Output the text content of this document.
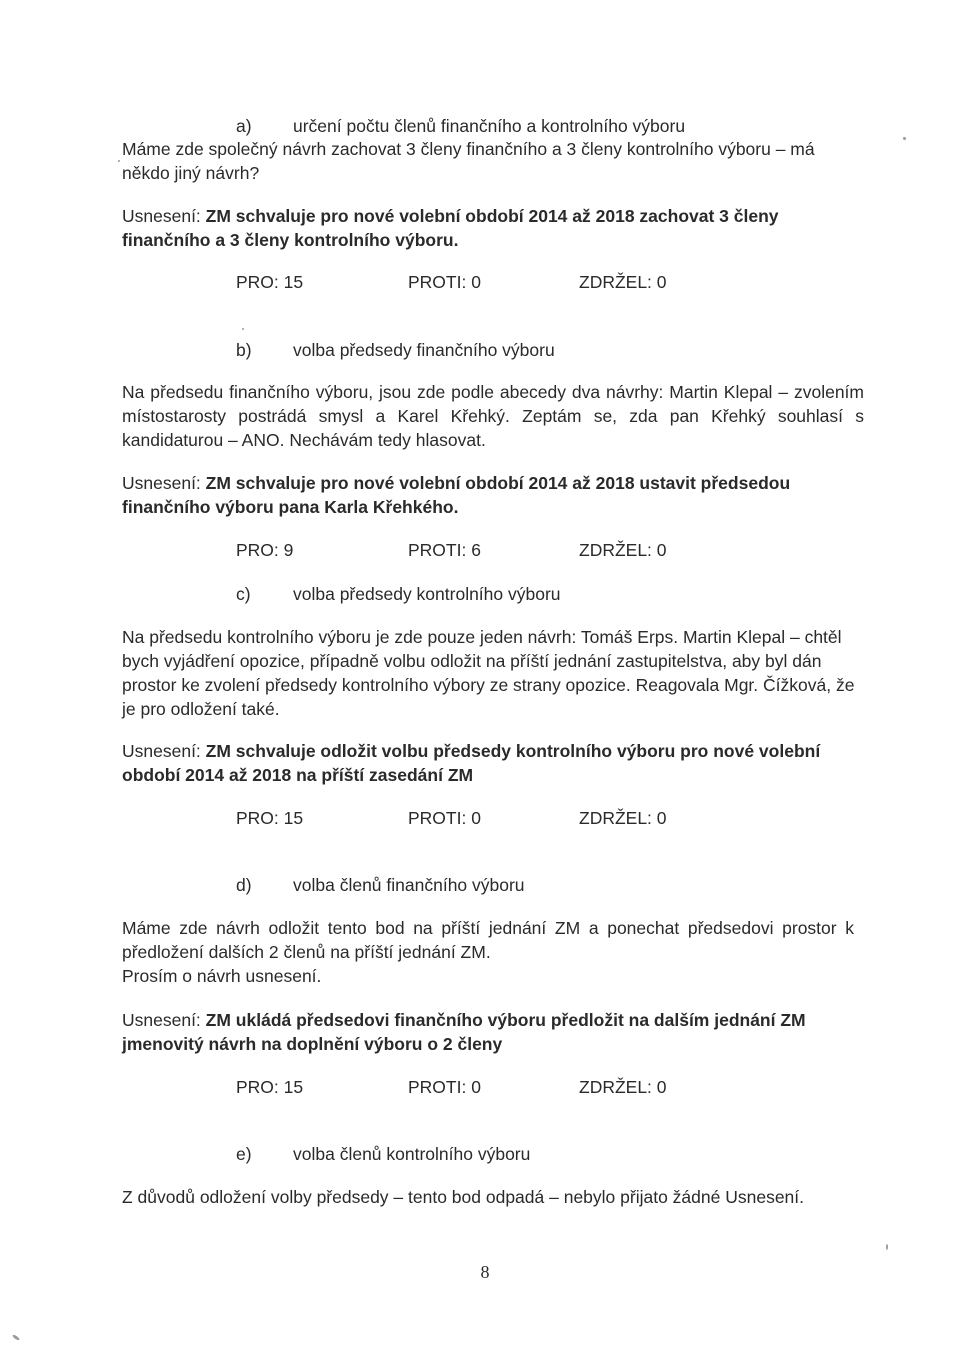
a) určení počtu členů finančního a kontrolního výboru
Máme zde společný návrh zachovat 3 členy finančního a 3 členy kontrolního výboru – má někdo jiný návrh?
Usnesení: ZM schvaluje pro nové volební období 2014 až 2018 zachovat 3 členy finančního a 3 členy kontrolního výboru.
PRO: 15	PROTI: 0	ZDRŽEL: 0
b) volba předsedy finančního výboru
Na předsedu finančního výboru, jsou zde podle abecedy dva návrhy: Martin Klepal – zvolením místostarosty postrádá smysl a Karel Křehký. Zeptám se, zda pan Křehký souhlasí s kandidaturou – ANO. Nechávám tedy hlasovat.
Usnesení: ZM schvaluje pro nové volební období 2014 až 2018 ustavit předsedou finančního výboru pana Karla Křehkého.
PRO: 9	PROTI: 6	ZDRŽEL: 0
c) volba předsedy kontrolního výboru
Na předsedu kontrolního výboru je zde pouze jeden návrh: Tomáš Erps. Martin Klepal – chtěl bych vyjádření opozice, případně volbu odložit na příští jednání zastupitelstva, aby byl dán prostor ke zvolení předsedy kontrolního výbory ze strany opozice. Reagovala Mgr. Čížková, že je pro odložení také.
Usnesení: ZM schvaluje odložit volbu předsedy kontrolního výboru pro nové volební období 2014 až 2018 na příští zasedání ZM
PRO: 15	PROTI: 0	ZDRŽEL: 0
d) volba členů finančního výboru
Máme zde návrh odložit tento bod na příští jednání ZM a ponechat předsedovi prostor k předložení dalších 2 členů na příští jednání ZM.
Prosím o návrh usnesení.
Usnesení: ZM ukládá předsedovi finančního výboru předložit na dalším jednání ZM jmenovitý návrh na doplnění výboru o 2 členy
PRO: 15	PROTI: 0	ZDRŽEL: 0
e) volba členů kontrolního výboru
Z důvodů odložení volby předsedy – tento bod odpadá – nebylo přijato žádné Usnesení.
8
